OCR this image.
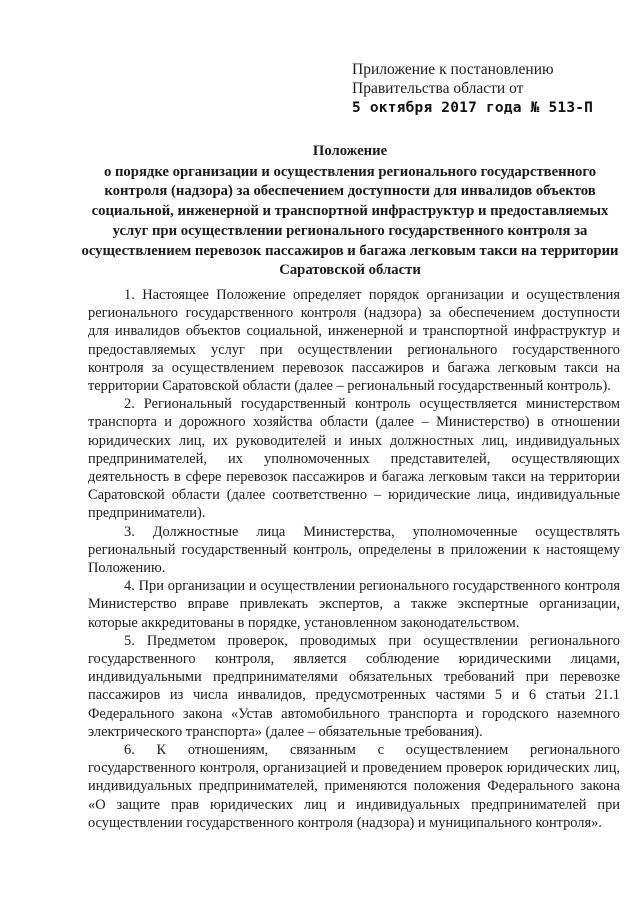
Приложение к постановлению
Правительства области от
5 октября 2017 года № 513-П
Положение
о порядке организации и осуществления регионального государственного контроля (надзора) за обеспечением доступности для инвалидов объектов социальной, инженерной и транспортной инфраструктур и предоставляемых услуг при осуществлении регионального государственного контроля за осуществлением перевозок пассажиров и багажа легковым такси на территории Саратовской области

1. Настоящее Положение определяет порядок организации и осуществления регионального государственного контроля (надзора) за обеспечением доступности для инвалидов объектов социальной, инженерной и транспортной инфраструктур и предоставляемых услуг при осуществлении регионального государственного контроля за осуществлением перевозок пассажиров и багажа легковым такси на территории Саратовской области (далее – региональный государственный контроль).

2. Региональный государственный контроль осуществляется министерством транспорта и дорожного хозяйства области (далее – Министерство) в отношении юридических лиц, их руководителей и иных должностных лиц, индивидуальных предпринимателей, их уполномоченных представителей, осуществляющих деятельность в сфере перевозок пассажиров и багажа легковым такси на территории Саратовской области (далее соответственно – юридические лица, индивидуальные предприниматели).

3. Должностные лица Министерства, уполномоченные осуществлять региональный государственный контроль, определены в приложении к настоящему Положению.

4. При организации и осуществлении регионального государственного контроля Министерство вправе привлекать экспертов, а также экспертные организации, которые аккредитованы в порядке, установленном законодательством.

5. Предметом проверок, проводимых при осуществлении регионального государственного контроля, является соблюдение юридическими лицами, индивидуальными предпринимателями обязательных требований при перевозке пассажиров из числа инвалидов, предусмотренных частями 5 и 6 статьи 21.1 Федерального закона «Устав автомобильного транспорта и городского наземного электрического транспорта» (далее – обязательные требования).

6. К отношениям, связанным с осуществлением регионального государственного контроля, организацией и проведением проверок юридических лиц, индивидуальных предпринимателей, применяются положения Федерального закона «О защите прав юридических лиц и индивидуальных предпринимателей при осуществлении государственного контроля (надзора) и муниципального контроля».
